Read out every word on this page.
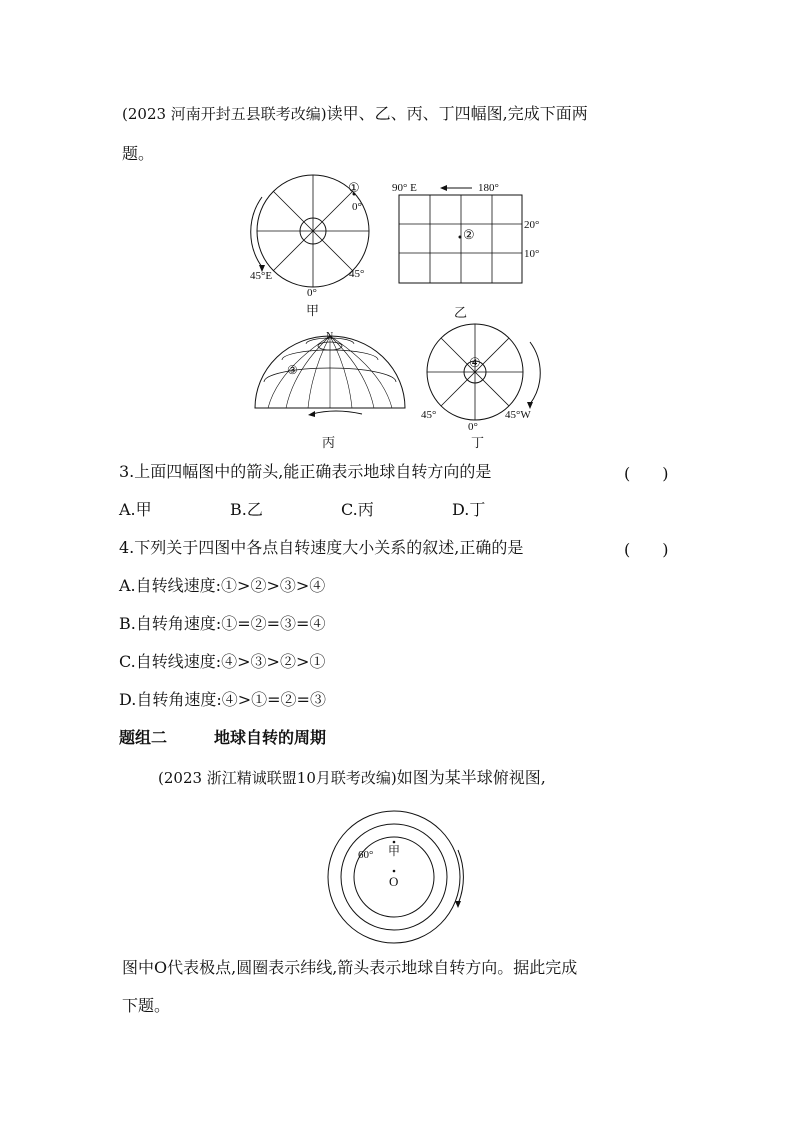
(2023 河南开封五县联考改编)读甲、乙、丙、丁四幅图,完成下面两
题。
①
0°
45°E	45°
0°
甲
90° E	180°
②
20°
10°
乙
N
③
丙
④
45°	45°W
0°
丁
3.上面四幅图中的箭头,能正确表示地球自转方向的是	(　　)
A.甲	B.乙	C.丙	D.丁
4.下列关于四图中各点自转速度大小关系的叙述,正确的是	(　　)
A.自转线速度:①>②>③>④
B.自转角速度:①=②=③=④
C.自转线速度:④>③>②>①
D.自转角速度:④>①=②=③
题组二	地球自转的周期
(2023 浙江精诚联盟10月联考改编)如图为某半球俯视图,
60° 甲
O
图中O代表极点,圆圈表示纬线,箭头表示地球自转方向。据此完成
下题。
